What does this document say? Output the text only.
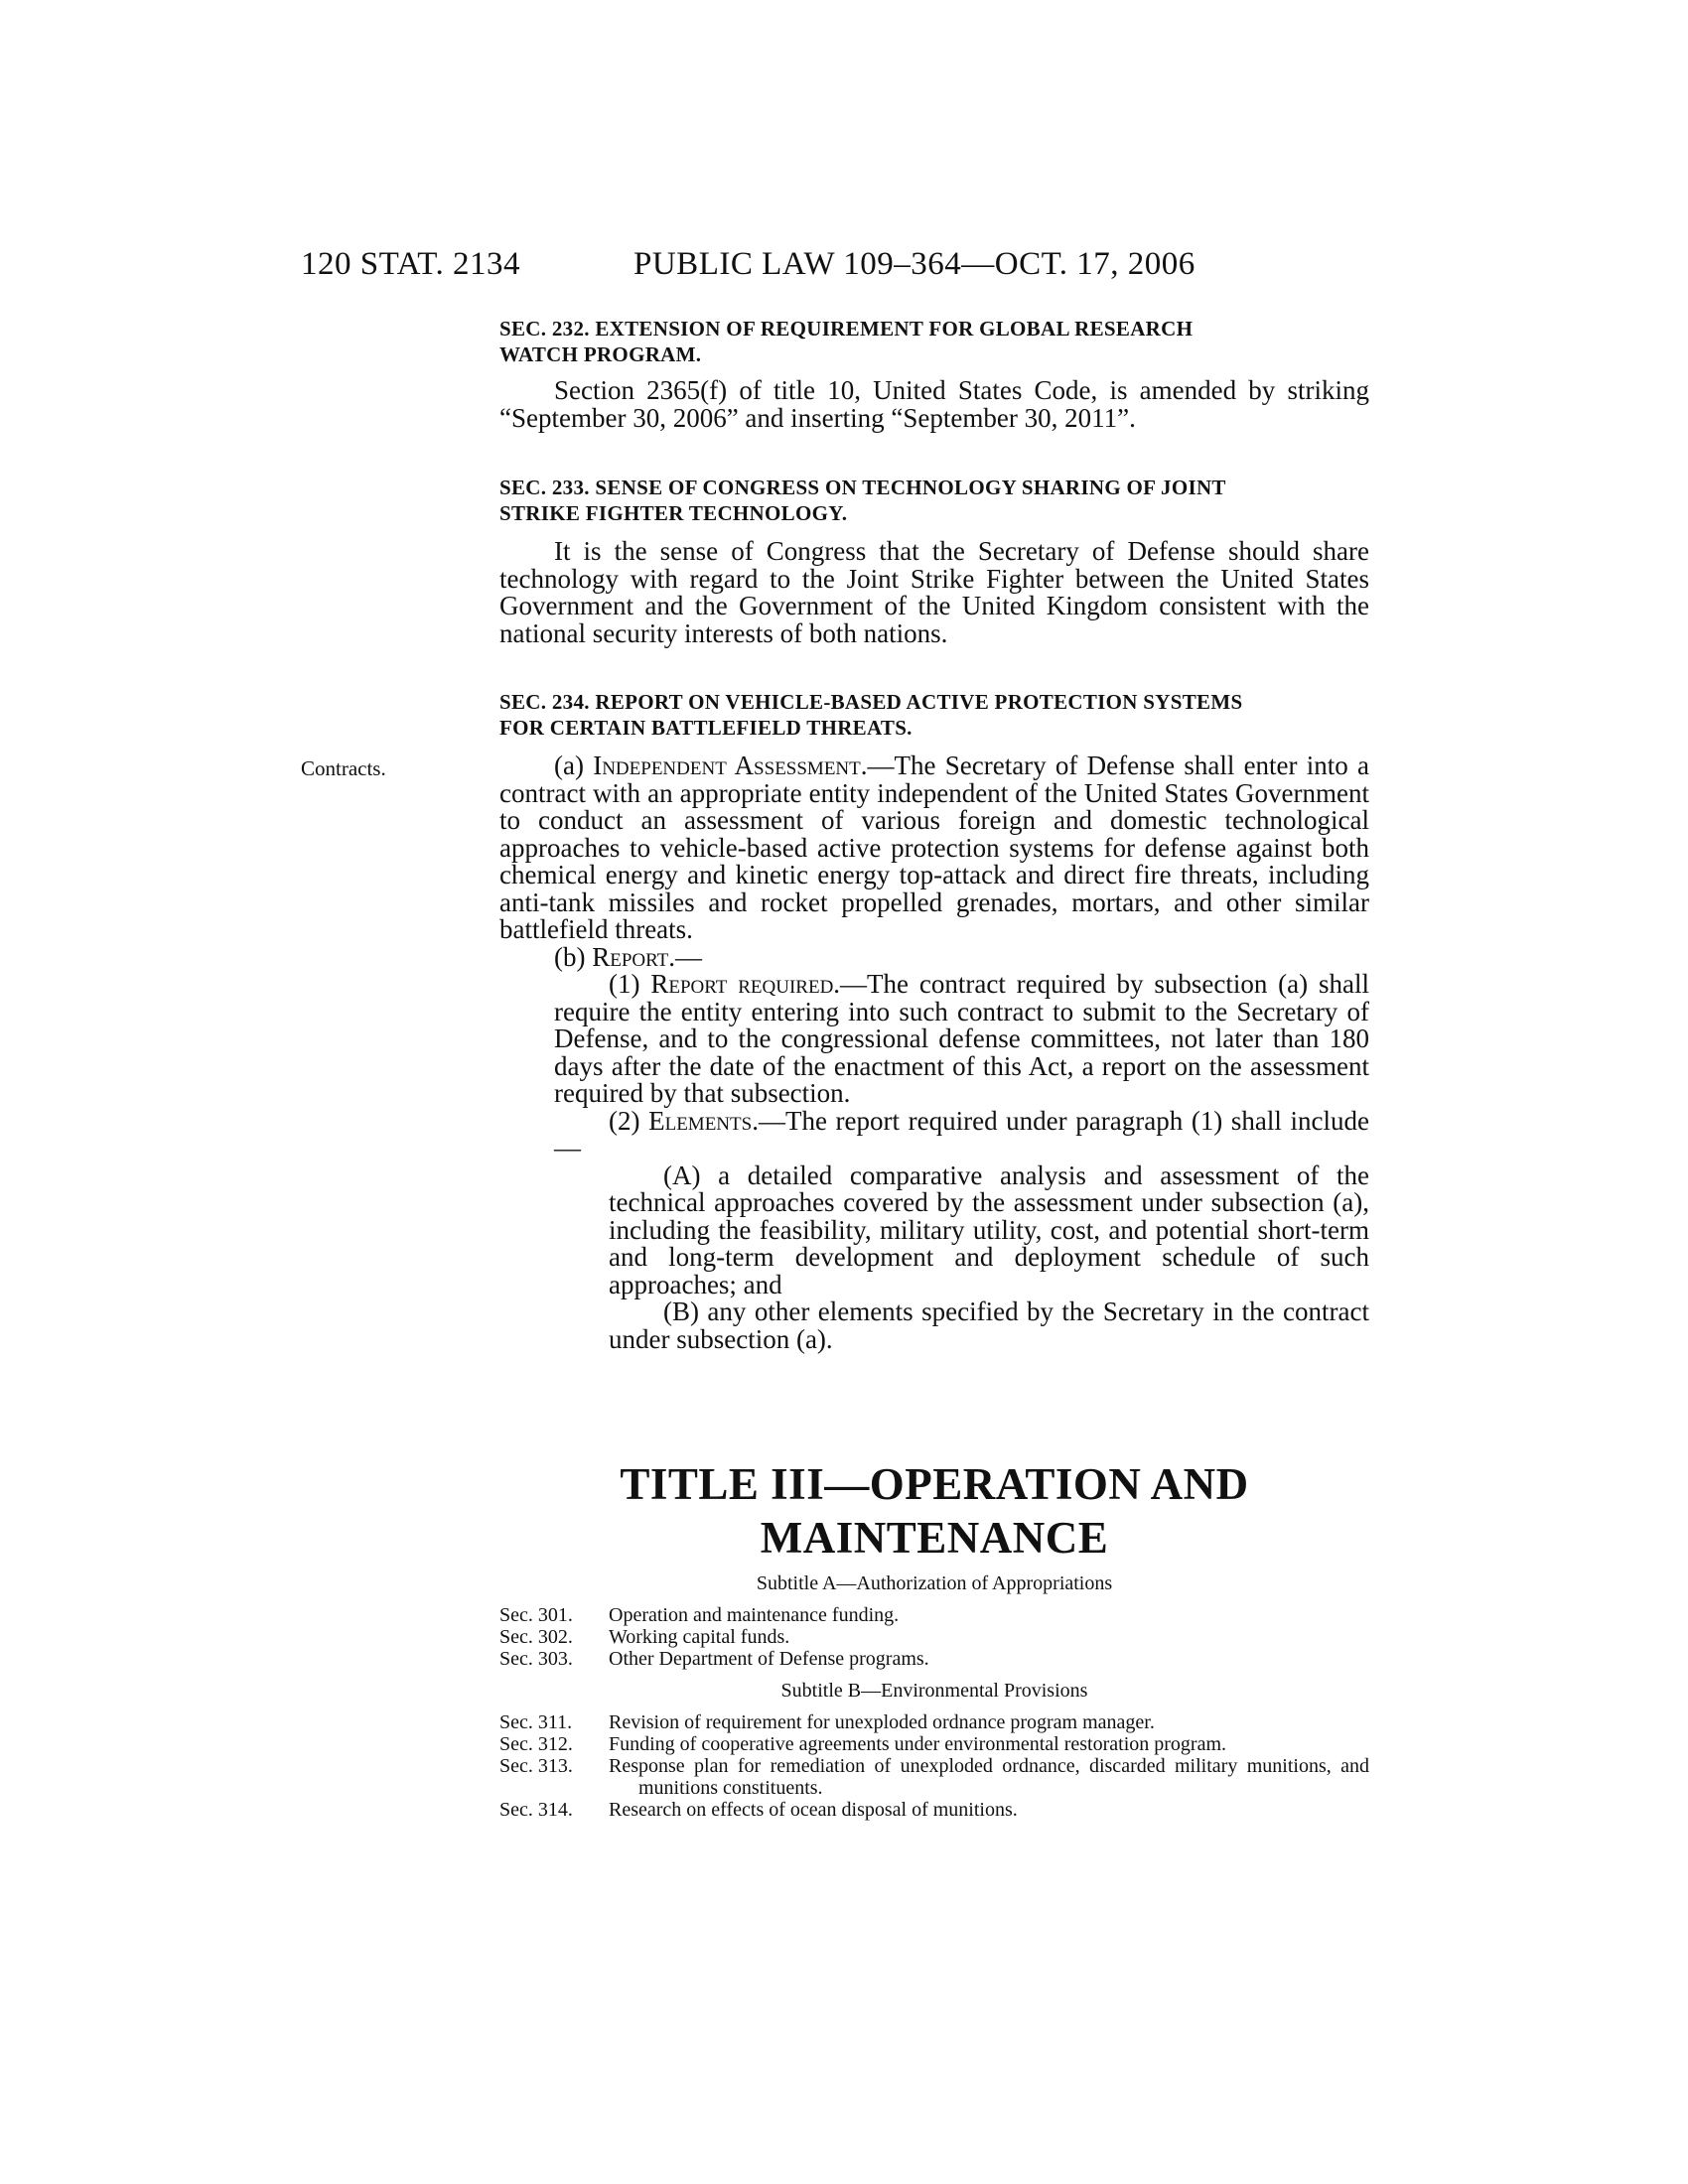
120 STAT. 2134	PUBLIC LAW 109–364—OCT. 17, 2006
Contracts.
SEC. 232. EXTENSION OF REQUIREMENT FOR GLOBAL RESEARCH
WATCH PROGRAM.

Section 2365(f) of title 10, United States Code, is amended by striking “September 30, 2006” and inserting “September 30, 2011”.

SEC. 233. SENSE OF CONGRESS ON TECHNOLOGY SHARING OF JOINT
STRIKE FIGHTER TECHNOLOGY.

It is the sense of Congress that the Secretary of Defense should share technology with regard to the Joint Strike Fighter between the United States Government and the Government of the United Kingdom consistent with the national security interests of both nations.

SEC. 234. REPORT ON VEHICLE-BASED ACTIVE PROTECTION SYSTEMS
FOR CERTAIN BATTLEFIELD THREATS.

(a) Independent Assessment.—The Secretary of Defense shall enter into a contract with an appropriate entity independent of the United States Government to conduct an assessment of various foreign and domestic technological approaches to vehicle-based active protection systems for defense against both chemical energy and kinetic energy top-attack and direct fire threats, including anti-tank missiles and rocket propelled grenades, mortars, and other similar battlefield threats.

(b) Report.—

(1) Report required.—The contract required by subsection (a) shall require the entity entering into such contract to submit to the Secretary of Defense, and to the congressional defense committees, not later than 180 days after the date of the enactment of this Act, a report on the assessment required by that subsection.

(2) Elements.—The report required under paragraph (1) shall include—

(A) a detailed comparative analysis and assessment of the technical approaches covered by the assessment under subsection (a), including the feasibility, military utility, cost, and potential short-term and long-term development and deployment schedule of such approaches; and

(B) any other elements specified by the Secretary in the contract under subsection (a).

TITLE III—OPERATION AND
MAINTENANCE
Subtitle A—Authorization of Appropriations
Sec. 301.	Operation and maintenance funding.
Sec. 302.	Working capital funds.
Sec. 303.	Other Department of Defense programs.
Subtitle B—Environmental Provisions
Sec. 311.	Revision of requirement for unexploded ordnance program manager.
Sec. 312.	Funding of cooperative agreements under environmental restoration program.
Sec. 313.	Response plan for remediation of unexploded ordnance, discarded military munitions, and munitions constituents.
Sec. 314.	Research on effects of ocean disposal of munitions.
